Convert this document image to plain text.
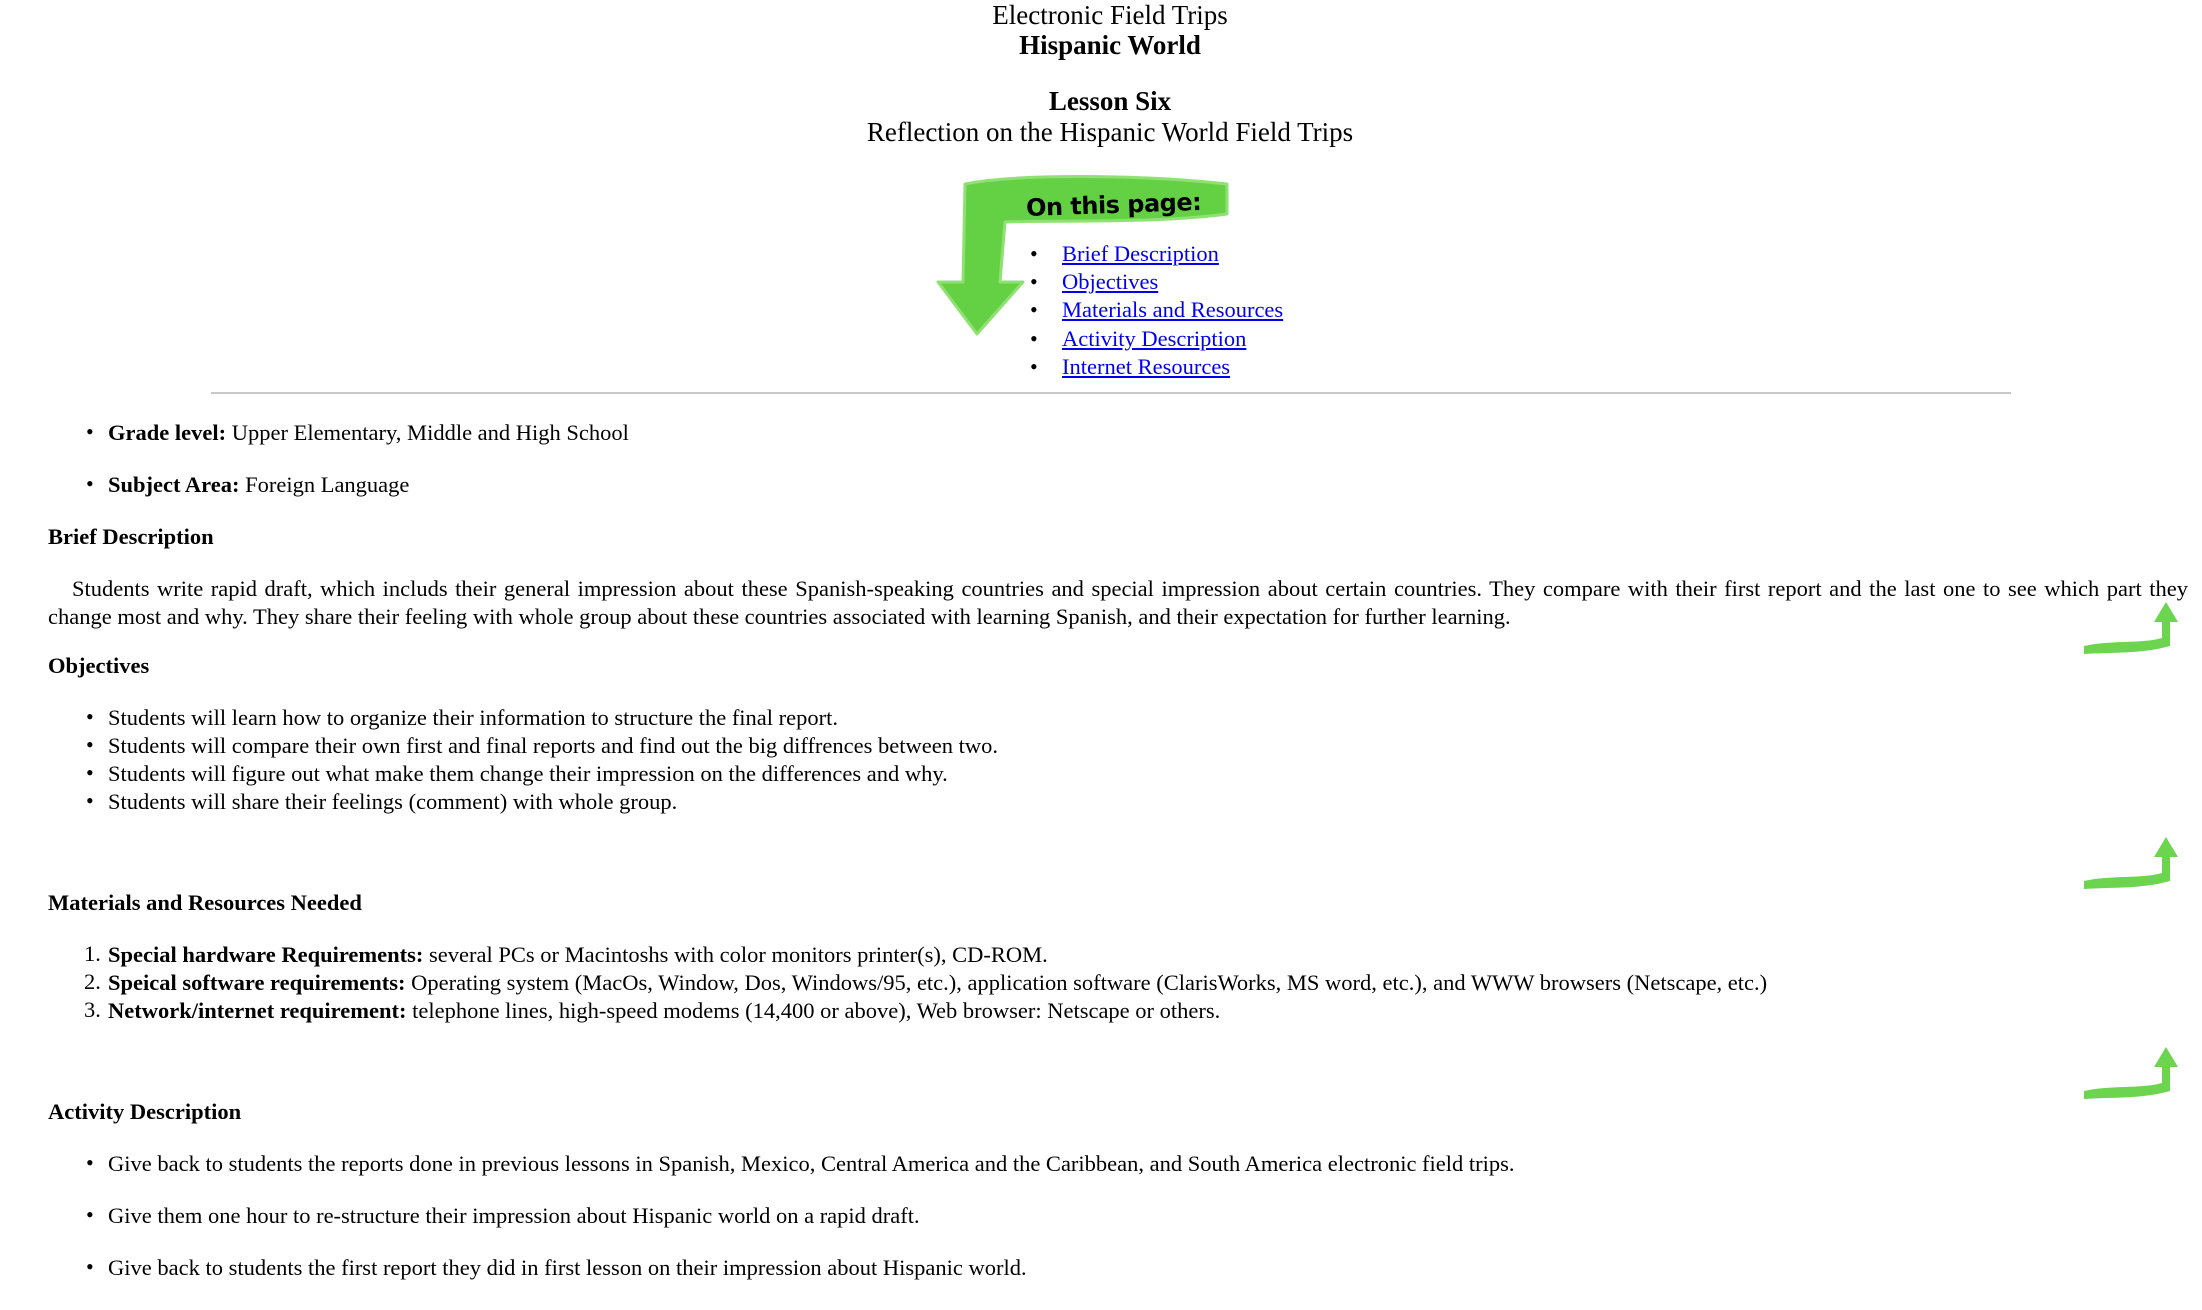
Electronic Field Trips
Hispanic World
Lesson Six
Reflection on the Hispanic World Field Trips
On this page:
• Brief Description
• Objectives
• Materials and Resources
• Activity Description
• Internet Resources
• Grade level: Upper Elementary, Middle and High School
• Subject Area: Foreign Language
Brief Description
Students write rapid draft, which includs their general impression about these Spanish-speaking countries and special impression about certain countries. They compare with their first report and the last one to see which part they change most and why. They share their feeling with whole group about these countries associated with learning Spanish, and their expectation for further learning.
Objectives
• Students will learn how to organize their information to structure the final report.
• Students will compare their own first and final reports and find out the big diffrences between two.
• Students will figure out what make them change their impression on the differences and why.
• Students will share their feelings (comment) with whole group.
Materials and Resources Needed
1. Special hardware Requirements: several PCs or Macintoshs with color monitors printer(s), CD-ROM.
2. Speical software requirements: Operating system (MacOs, Window, Dos, Windows/95, etc.), application software (ClarisWorks, MS word, etc.), and WWW browsers (Netscape, etc.)
3. Network/internet requirement: telephone lines, high-speed modems (14,400 or above), Web browser: Netscape or others.
Activity Description
• Give back to students the reports done in previous lessons in Spanish, Mexico, Central America and the Caribbean, and South America electronic field trips.
• Give them one hour to re-structure their impression about Hispanic world on a rapid draft.
• Give back to students the first report they did in first lesson on their impression about Hispanic world.
